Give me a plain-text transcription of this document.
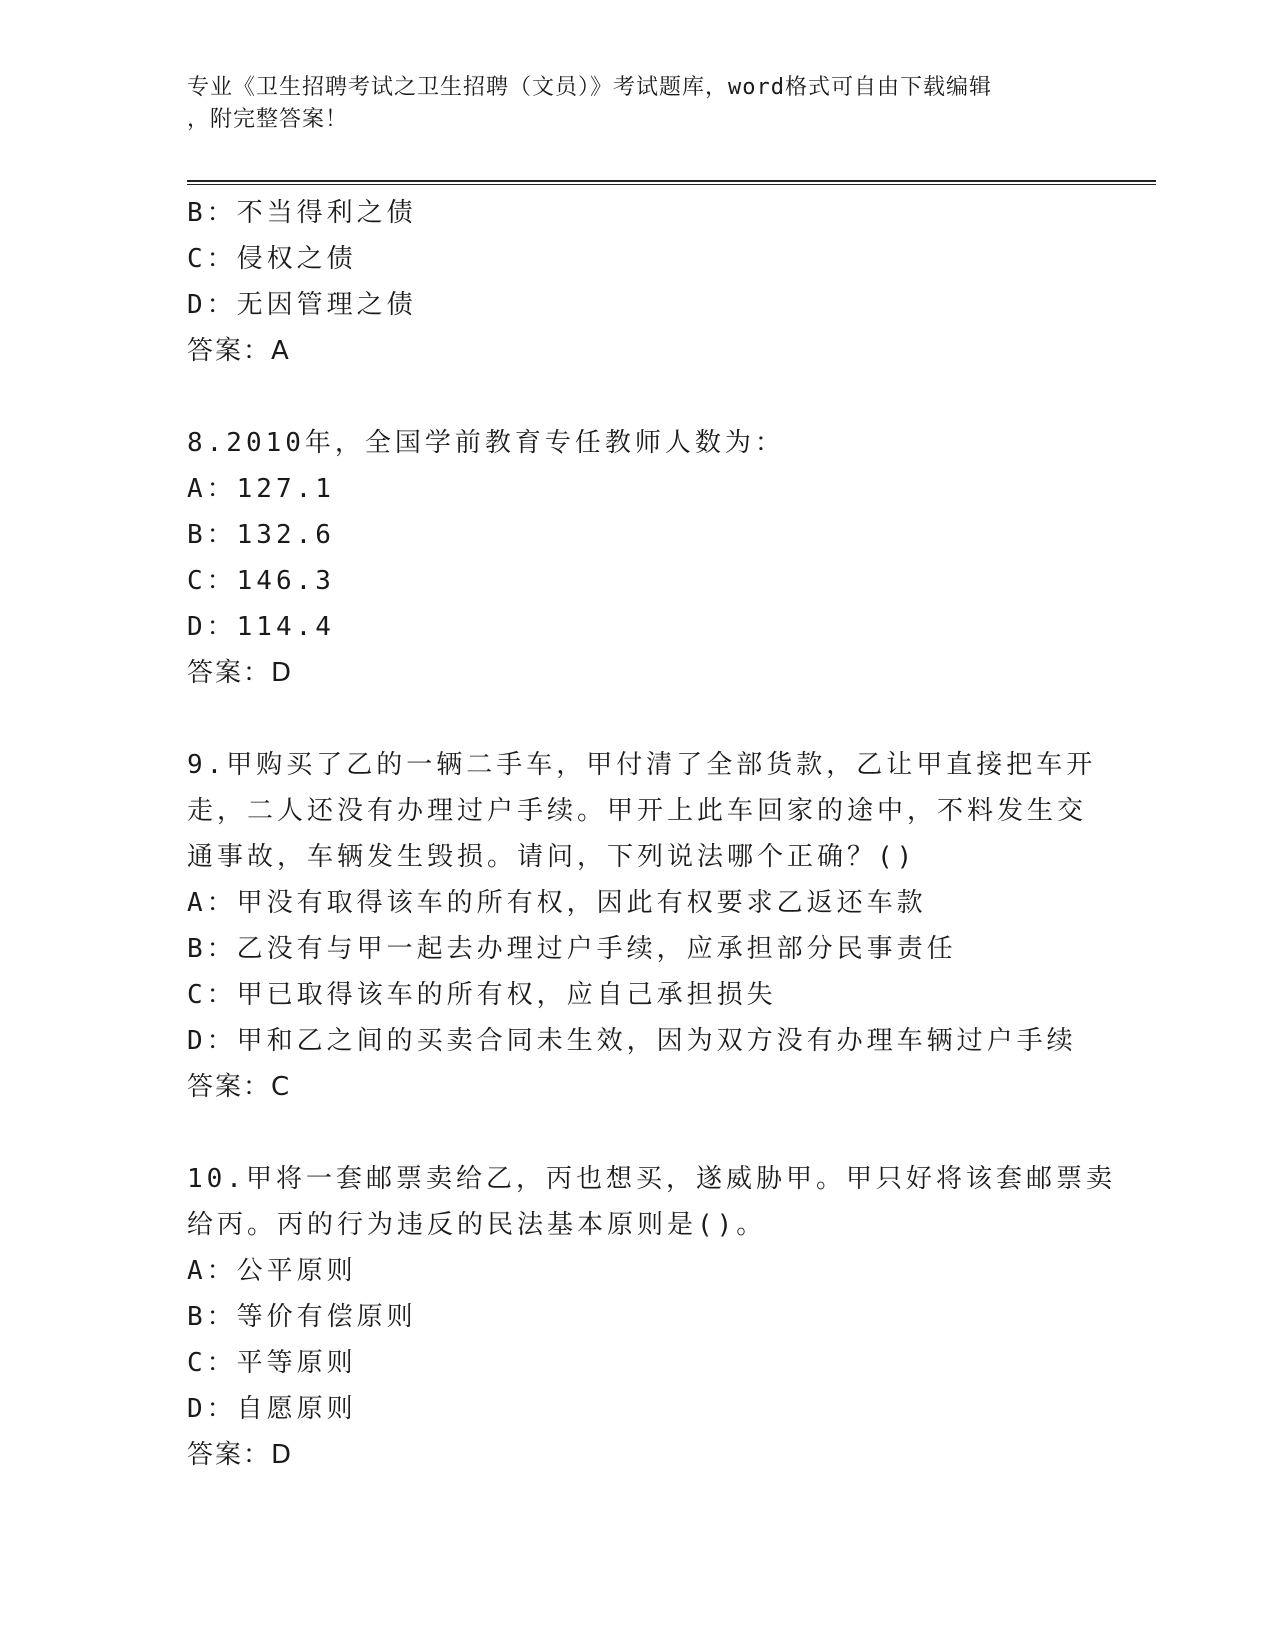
专业《卫生招聘考试之卫生招聘（文员）》考试题库，word格式可自由下载编辑
，附完整答案！
B：不当得利之债
C：侵权之债
D：无因管理之债
答案：A
8.2010年，全国学前教育专任教师人数为：
A：127.1
B：132.6
C：146.3
D：114.4
答案：D
9.甲购买了乙的一辆二手车，甲付清了全部货款，乙让甲直接把车开
走，二人还没有办理过户手续。甲开上此车回家的途中，不料发生交
通事故，车辆发生毁损。请问，下列说法哪个正确？()
A：甲没有取得该车的所有权，因此有权要求乙返还车款
B：乙没有与甲一起去办理过户手续，应承担部分民事责任
C：甲已取得该车的所有权，应自己承担损失
D：甲和乙之间的买卖合同未生效，因为双方没有办理车辆过户手续
答案：C
10.甲将一套邮票卖给乙，丙也想买，遂威胁甲。甲只好将该套邮票卖
给丙。丙的行为违反的民法基本原则是()。
A：公平原则
B：等价有偿原则
C：平等原则
D：自愿原则
答案：D
